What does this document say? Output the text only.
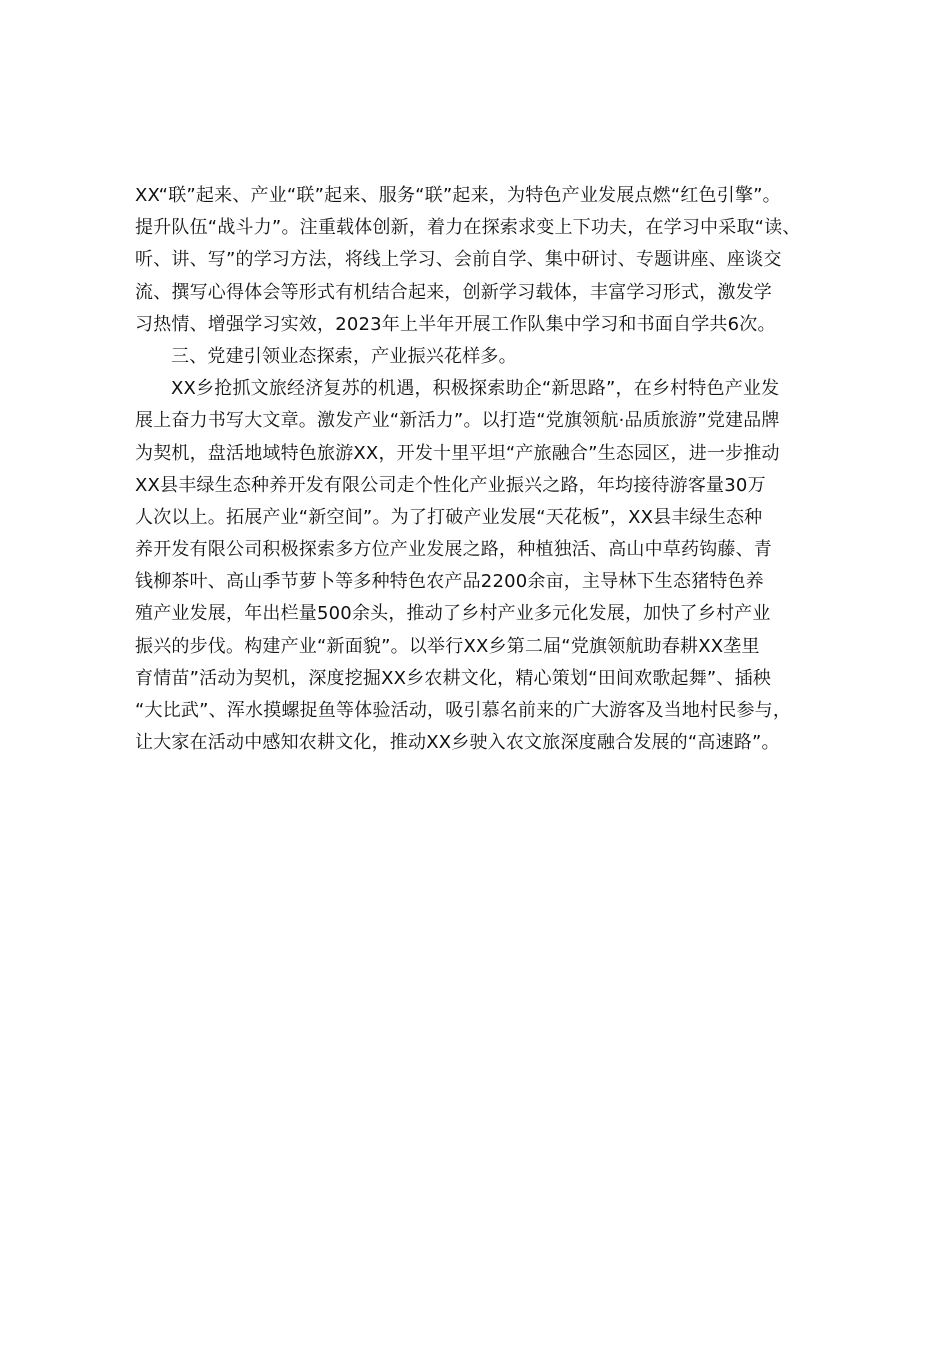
XX“联”起来、产业“联”起来、服务“联”起来，为特色产业发展点燃“红色引擎”。
提升队伍“战斗力”。注重载体创新，着力在探索求变上下功夫，在学习中采取“读、
听、讲、写”的学习方法，将线上学习、会前自学、集中研讨、专题讲座、座谈交
流、撰写心得体会等形式有机结合起来，创新学习载体，丰富学习形式，激发学
习热情、增强学习实效，2023年上半年开展工作队集中学习和书面自学共6次。
三、党建引领业态探索，产业振兴花样多。
XX乡抢抓文旅经济复苏的机遇，积极探索助企“新思路”，在乡村特色产业发
展上奋力书写大文章。激发产业“新活力”。以打造“党旗领航·品质旅游”党建品牌
为契机，盘活地域特色旅游XX，开发十里平坦“产旅融合”生态园区，进一步推动
XX县丰绿生态种养开发有限公司走个性化产业振兴之路，年均接待游客量30万
人次以上。拓展产业“新空间”。为了打破产业发展“天花板”，XX县丰绿生态种
养开发有限公司积极探索多方位产业发展之路，种植独活、高山中草药钩藤、青
钱柳茶叶、高山季节萝卜等多种特色农产品2200余亩，主导林下生态猪特色养
殖产业发展，年出栏量500余头，推动了乡村产业多元化发展，加快了乡村产业
振兴的步伐。构建产业“新面貌”。以举行XX乡第二届“党旗领航助春耕XX垄里
育情苗”活动为契机，深度挖掘XX乡农耕文化，精心策划“田间欢歌起舞”、插秧
“大比武”、浑水摸螺捉鱼等体验活动，吸引慕名前来的广大游客及当地村民参与，
让大家在活动中感知农耕文化，推动XX乡驶入农文旅深度融合发展的“高速路”。
